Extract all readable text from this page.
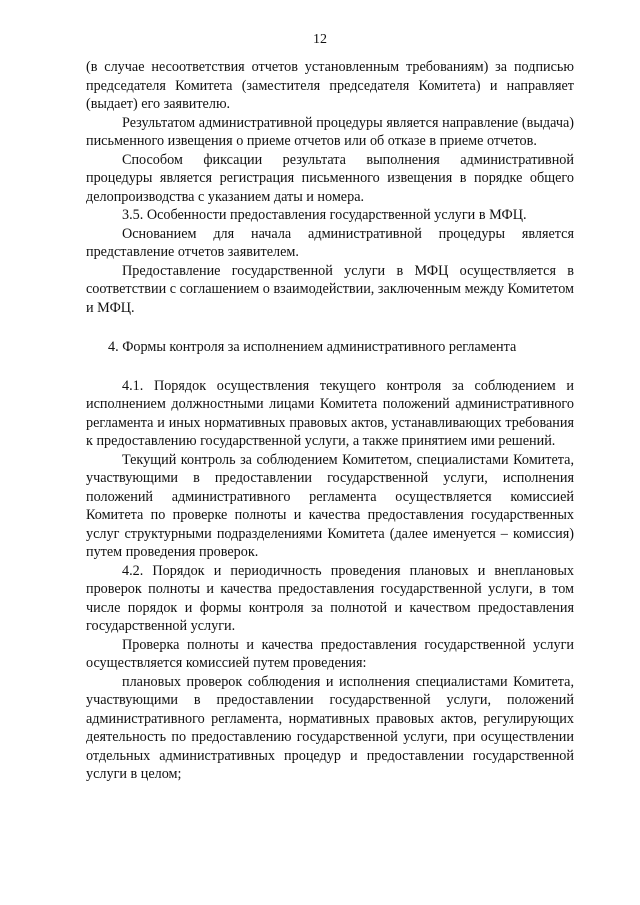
12

(в случае несоответствия отчетов установленным требованиям) за подписью председателя Комитета (заместителя председателя Комитета) и направляет (выдает) его заявителю.

Результатом административной процедуры является направление (выдача) письменного извещения о приеме отчетов или об отказе в приеме отчетов.

Способом фиксации результата выполнения административной процедуры является регистрация письменного извещения в порядке общего делопроизводства с указанием даты и номера.

3.5. Особенности предоставления государственной услуги в МФЦ.

Основанием для начала административной процедуры является представление отчетов заявителем.

Предоставление государственной услуги в МФЦ осуществляется в соответствии с соглашением о взаимодействии, заключенным между Комитетом и МФЦ.

4. Формы контроля за исполнением административного регламента

4.1. Порядок осуществления текущего контроля за соблюдением и исполнением должностными лицами Комитета положений административного регламента и иных нормативных правовых актов, устанавливающих требования к предоставлению государственной услуги, а также принятием ими решений.

Текущий контроль за соблюдением Комитетом, специалистами Комитета, участвующими в предоставлении государственной услуги, исполнения положений административного регламента осуществляется комиссией Комитета по проверке полноты и качества предоставления государственных услуг структурными подразделениями Комитета (далее именуется – комиссия) путем проведения проверок.

4.2. Порядок и периодичность проведения плановых и внеплановых проверок полноты и качества предоставления государственной услуги, в том числе порядок и формы контроля за полнотой и качеством предоставления государственной услуги.

Проверка полноты и качества предоставления государственной услуги осуществляется комиссией путем проведения:

плановых проверок соблюдения и исполнения специалистами Комитета, участвующими в предоставлении государственной услуги, положений административного регламента, нормативных правовых актов, регулирующих деятельность по предоставлению государственной услуги, при осуществлении отдельных административных процедур и предоставлении государственной услуги в целом;
